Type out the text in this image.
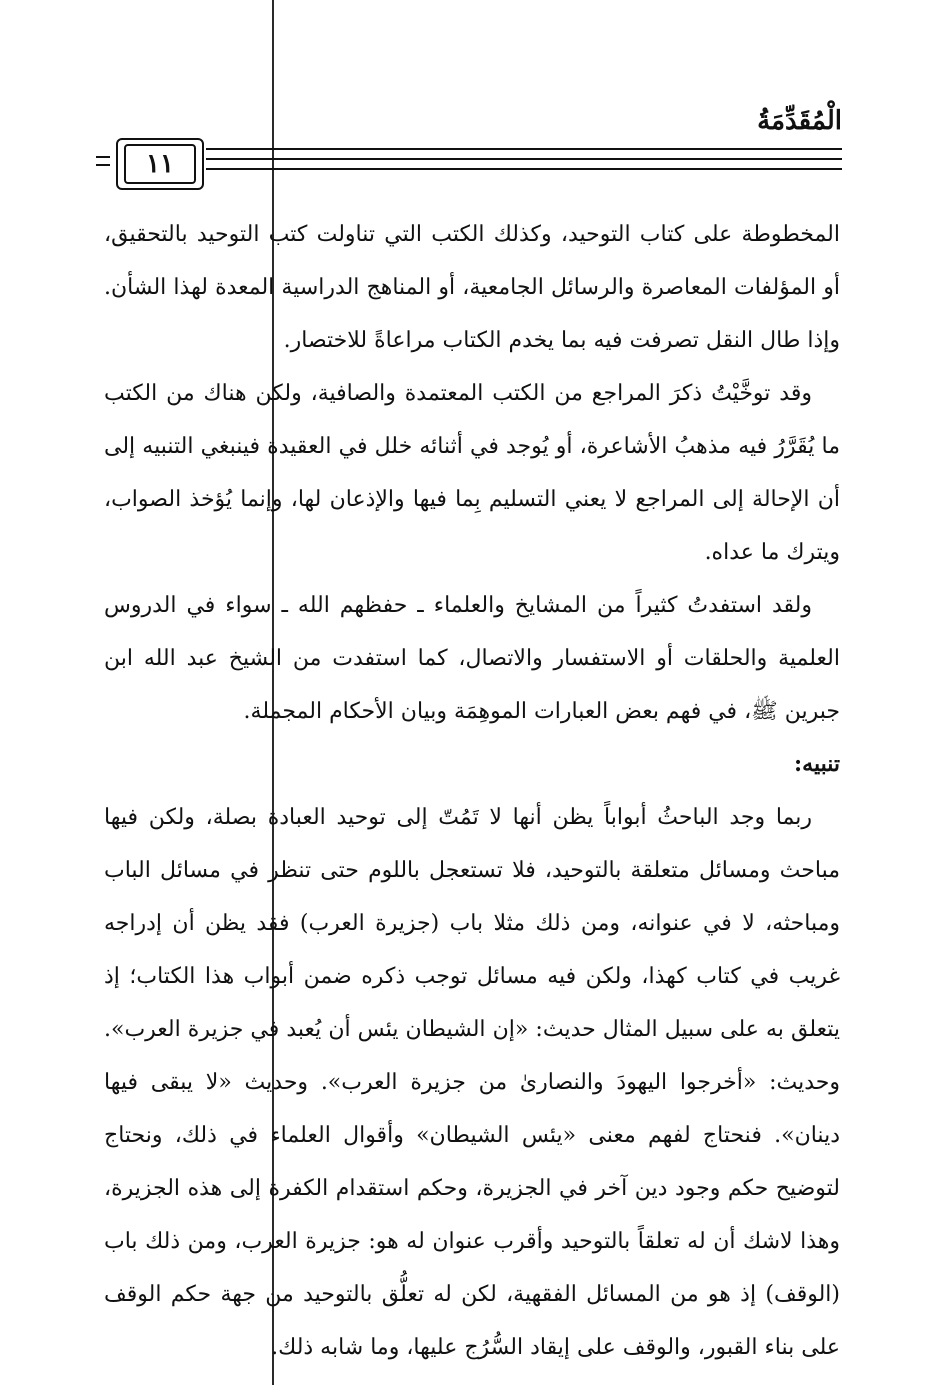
الْمُقَدِّمَةُ
١١

المخطوطة على كتاب التوحيد، وكذلك الكتب التي تناولت كتب التوحيد بالتحقيق، أو المؤلفات المعاصرة والرسائل الجامعية، أو المناهج الدراسية المعدة لهذا الشأن. وإذا طال النقل تصرفت فيه بما يخدم الكتاب مراعاةً للاختصار.

وقد توخَّيْتُ ذكرَ المراجع من الكتب المعتمدة والصافية، ولكن هناك من الكتب ما يُقَرَّرُ فيه مذهبُ الأشاعرة، أو يُوجد في أثنائه خلل في العقيدة فينبغي التنبيه إلى أن الإحالة إلى المراجع لا يعني التسليم بِما فيها والإذعان لها، وإنما يُؤخذ الصواب، ويترك ما عداه.

ولقد استفدتُ كثيراً من المشايخ والعلماء ـ حفظهم الله ـ سواء في الدروس العلمية والحلقات أو الاستفسار والاتصال، كما استفدت من الشيخ عبد الله ابن جبرين ﷺ، في فهم بعض العبارات الموهِمَة وبيان الأحكام المجملة.

تنبيه:

ربما وجد الباحثُ أبواباً يظن أنها لا تَمُتّ إلى توحيد العبادة بصلة، ولكن فيها مباحث ومسائل متعلقة بالتوحيد، فلا تستعجل باللوم حتى تنظر في مسائل الباب ومباحثه، لا في عنوانه، ومن ذلك مثلا باب (جزيرة العرب) فقد يظن أن إدراجه غريب في كتاب كهذا، ولكن فيه مسائل توجب ذكره ضمن أبواب هذا الكتاب؛ إذ يتعلق به على سبيل المثال حديث: «إن الشيطان يئس أن يُعبد في جزيرة العرب». وحديث: «أخرجوا اليهودَ والنصارىٰ من جزيرة العرب». وحديث «لا يبقى فيها دينان». فنحتاج لفهم معنى «يئس الشيطان» وأقوال العلماء في ذلك، ونحتاج لتوضيح حكم وجود دين آخر في الجزيرة، وحكم استقدام الكفرة إلى هذه الجزيرة، وهذا لاشك أن له تعلقاً بالتوحيد وأقرب عنوان له هو: جزيرة العرب، ومن ذلك باب (الوقف) إذ هو من المسائل الفقهية، لكن له تعلُّق بالتوحيد من جهة حكم الوقف على بناء القبور، والوقف على إيقاد السُّرُج عليها، وما شابه ذلك.
